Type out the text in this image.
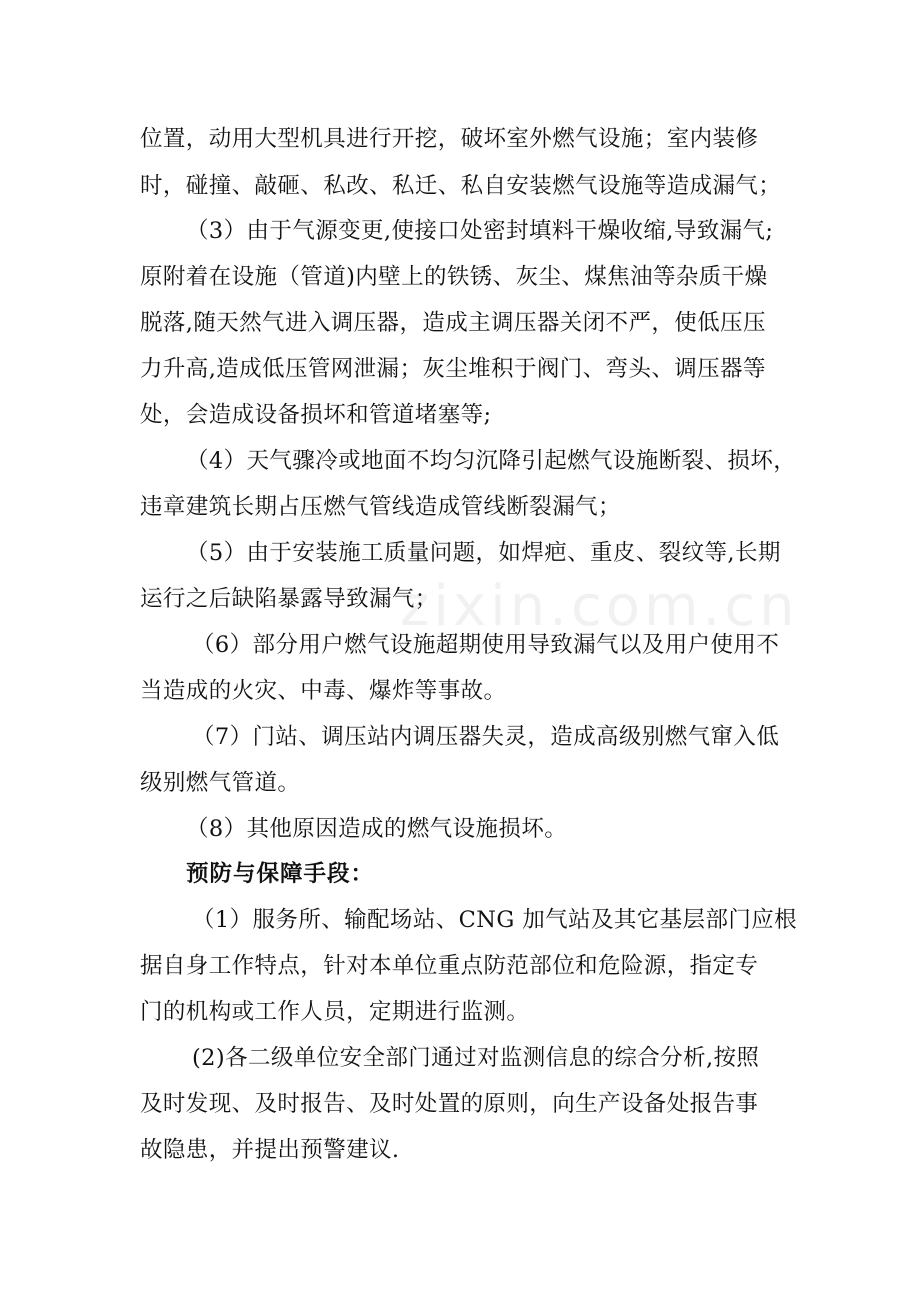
位置，动用大型机具进行开挖，破坏室外燃气设施；室内装修
时，碰撞、敲砸、私改、私迁、私自安装燃气设施等造成漏气；
（3）由于气源变更,使接口处密封填料干燥收缩,导致漏气;
原附着在设施（管道)内壁上的铁锈、灰尘、煤焦油等杂质干燥
脱落,随天然气进入调压器，造成主调压器关闭不严，使低压压
力升高,造成低压管网泄漏；灰尘堆积于阀门、弯头、调压器等
处，会造成设备损坏和管道堵塞等;
（4）天气骤冷或地面不均匀沉降引起燃气设施断裂、损坏，
违章建筑长期占压燃气管线造成管线断裂漏气；
（5）由于安装施工质量问题，如焊疤、重皮、裂纹等,长期
运行之后缺陷暴露导致漏气；
（6）部分用户燃气设施超期使用导致漏气以及用户使用不
当造成的火灾、中毒、爆炸等事故。
（7）门站、调压站内调压器失灵，造成高级别燃气窜入低
级别燃气管道。
（8）其他原因造成的燃气设施损坏。
预防与保障手段：
（1）服务所、输配场站、CNG 加气站及其它基层部门应根
据自身工作特点，针对本单位重点防范部位和危险源，指定专
门的机构或工作人员，定期进行监测。
(2)各二级单位安全部门通过对监测信息的综合分析,按照
及时发现、及时报告、及时处置的原则，向生产设备处报告事
故隐患，并提出预警建议.
zixin.com.cn
